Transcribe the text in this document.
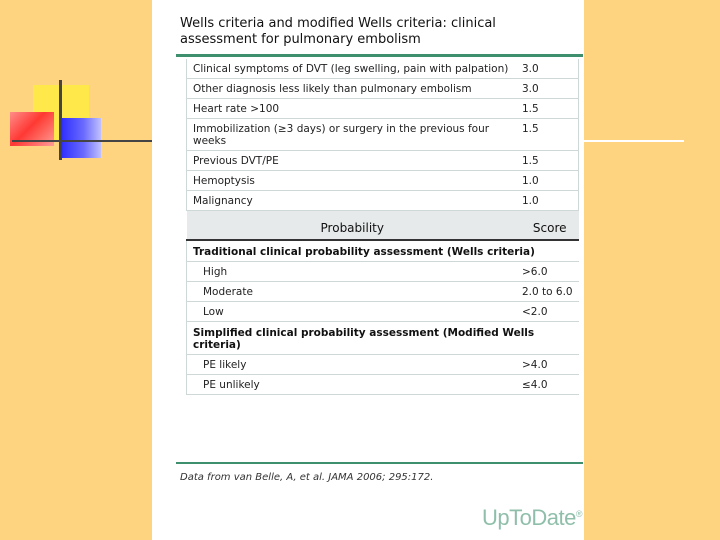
Wells criteria and modified Wells criteria: clinical assessment for pulmonary embolism
Clinical symptoms of DVT (leg swelling, pain with palpation)	3.0
Other diagnosis less likely than pulmonary embolism	3.0
Heart rate >100	1.5
Immobilization (≥3 days) or surgery in the previous four weeks	1.5
Previous DVT/PE	1.5
Hemoptysis	1.0
Malignancy	1.0
Probability	Score
Traditional clinical probability assessment (Wells criteria)	
High	>6.0
Moderate	2.0 to 6.0
Low	<2.0
Simplified clinical probability assessment (Modified Wells criteria)	
PE likely	>4.0
PE unlikely	≤4.0
Data from van Belle, A, et al. JAMA 2006; 295:172.
UpToDate®
